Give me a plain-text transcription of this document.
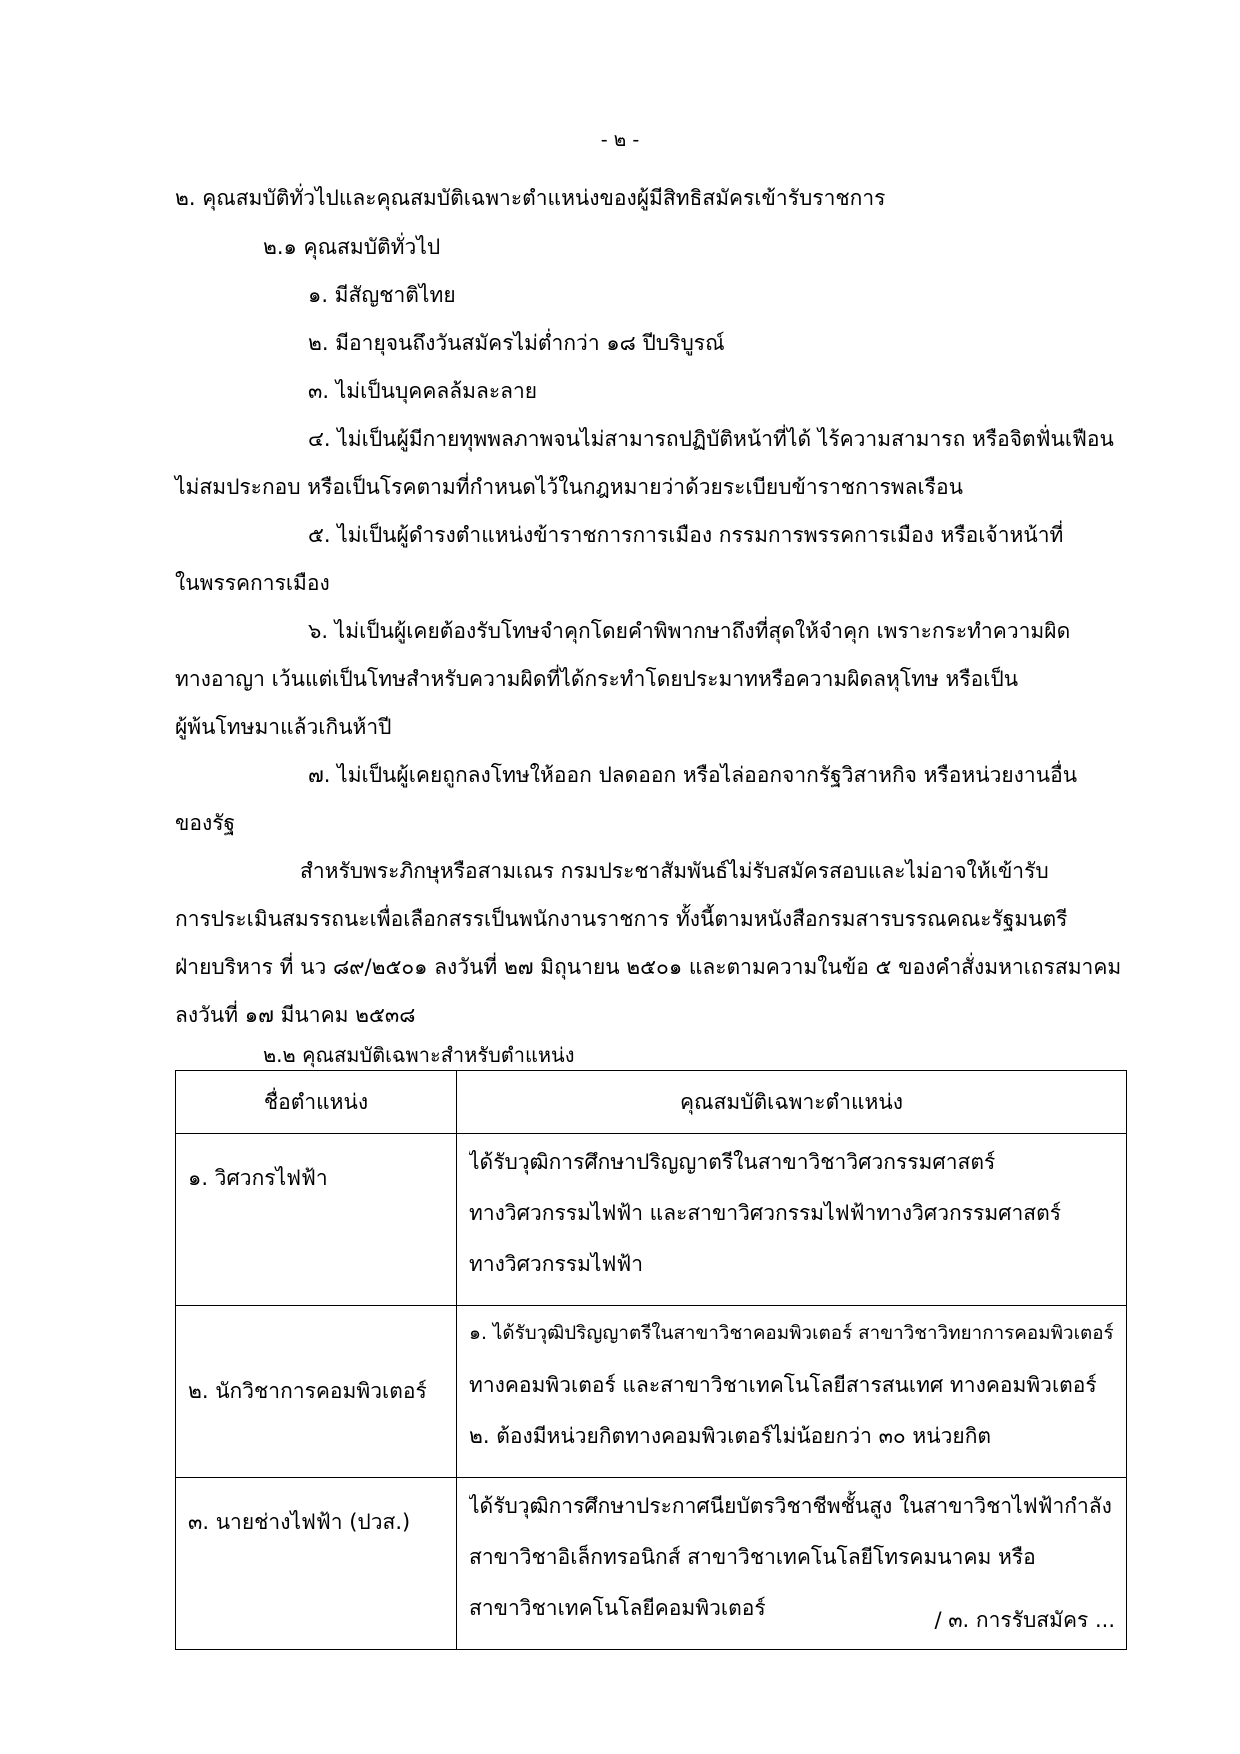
- ๒ -
๒. คุณสมบัติทั่วไปและคุณสมบัติเฉพาะตำแหน่งของผู้มีสิทธิสมัครเข้ารับราชการ
๒.๑ คุณสมบัติทั่วไป
๑. มีสัญชาติไทย
๒. มีอายุจนถึงวันสมัครไม่ต่ำกว่า ๑๘ ปีบริบูรณ์
๓. ไม่เป็นบุคคลล้มละลาย
๔. ไม่เป็นผู้มีกายทุพพลภาพจนไม่สามารถปฏิบัติหน้าที่ได้ ไร้ความสามารถ หรือจิตฟั่นเฟือน
ไม่สมประกอบ หรือเป็นโรคตามที่กำหนดไว้ในกฎหมายว่าด้วยระเบียบข้าราชการพลเรือน
๕. ไม่เป็นผู้ดำรงตำแหน่งข้าราชการการเมือง กรรมการพรรคการเมือง หรือเจ้าหน้าที่
ในพรรคการเมือง
๖. ไม่เป็นผู้เคยต้องรับโทษจำคุกโดยคำพิพากษาถึงที่สุดให้จำคุก เพราะกระทำความผิด
ทางอาญา เว้นแต่เป็นโทษสำหรับความผิดที่ได้กระทำโดยประมาทหรือความผิดลหุโทษ หรือเป็น
ผู้พ้นโทษมาแล้วเกินห้าปี
๗. ไม่เป็นผู้เคยถูกลงโทษให้ออก ปลดออก หรือไล่ออกจากรัฐวิสาหกิจ หรือหน่วยงานอื่น
ของรัฐ
สำหรับพระภิกษุหรือสามเณร กรมประชาสัมพันธ์ไม่รับสมัครสอบและไม่อาจให้เข้ารับ
การประเมินสมรรถนะเพื่อเลือกสรรเป็นพนักงานราชการ ทั้งนี้ตามหนังสือกรมสารบรรณคณะรัฐมนตรี
ฝ่ายบริหาร ที่ นว ๘๙/๒๕๐๑ ลงวันที่ ๒๗ มิถุนายน ๒๕๐๑ และตามความในข้อ ๕ ของคำสั่งมหาเถรสมาคม
ลงวันที่ ๑๗ มีนาคม ๒๕๓๘
๒.๒ คุณสมบัติเฉพาะสำหรับตำแหน่ง
ชื่อตำแหน่ง	คุณสมบัติเฉพาะตำแหน่ง

๑. วิศวกรไฟฟ้า	ได้รับวุฒิการศึกษาปริญญาตรีในสาขาวิชาวิศวกรรมศาสตร์
ทางวิศวกรรมไฟฟ้า และสาขาวิศวกรรมไฟฟ้าทางวิศวกรรมศาสตร์
ทางวิศวกรรมไฟฟ้า

๒. นักวิชาการคอมพิวเตอร์	๑. ได้รับวุฒิปริญญาตรีในสาขาวิชาคอมพิวเตอร์ สาขาวิชาวิทยาการคอมพิวเตอร์
ทางคอมพิวเตอร์ และสาขาวิชาเทคโนโลยีสารสนเทศ ทางคอมพิวเตอร์
๒. ต้องมีหน่วยกิตทางคอมพิวเตอร์ไม่น้อยกว่า ๓๐ หน่วยกิต

๓. นายช่างไฟฟ้า (ปวส.)	ได้รับวุฒิการศึกษาประกาศนียบัตรวิชาชีพชั้นสูง ในสาขาวิชาไฟฟ้ากำลัง
สาขาวิชาอิเล็กทรอนิกส์ สาขาวิชาเทคโนโลยีโทรคมนาคม หรือ
สาขาวิชาเทคโนโลยีคอมพิวเตอร์	/ ๓. การรับสมัคร ...
